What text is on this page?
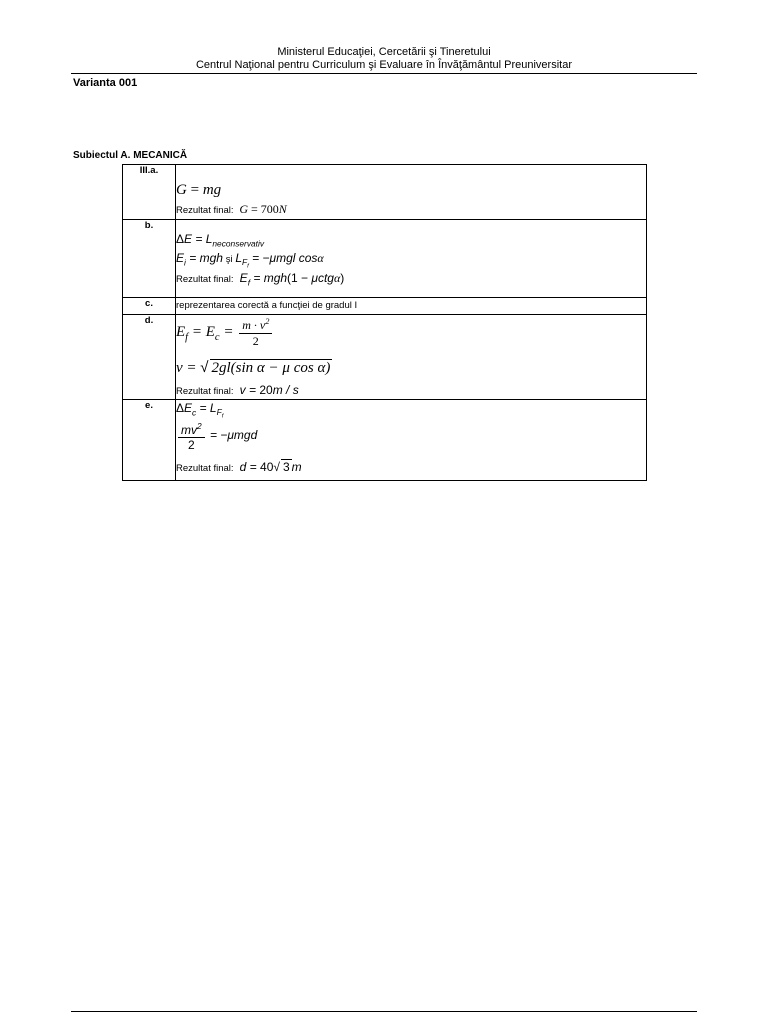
Ministerul Educaţiei, Cercetării şi Tineretului
Centrul Naţional pentru Curriculum şi Evaluare în Învăţământul Preuniversitar
Varianta 001
Subiectul A. MECANICĂ
III.a.	G = mg
Rezultat final:  G = 700N

b.	$\Delta E = L_{neconservativ}$
$E_i$ = mgh şi $L_{F_f} = -\mu mgl$ cosα
Rezultat final:  $E_f = mgh(1 - \mu ctg\alpha)$

c.	reprezentarea corectă a funcţiei de gradul I
d.	$E_f = E_c = \frac{m \cdot v^2}{2}$
v = √ 2gl(sin α − μ cos α)
Rezultat final:  v = 20m / s

e.	$\Delta E_c = L_{F_f}$
$\frac{mv^2}{2} = -\mu mgd$
Rezultat final:  d = 40√ 3 m
